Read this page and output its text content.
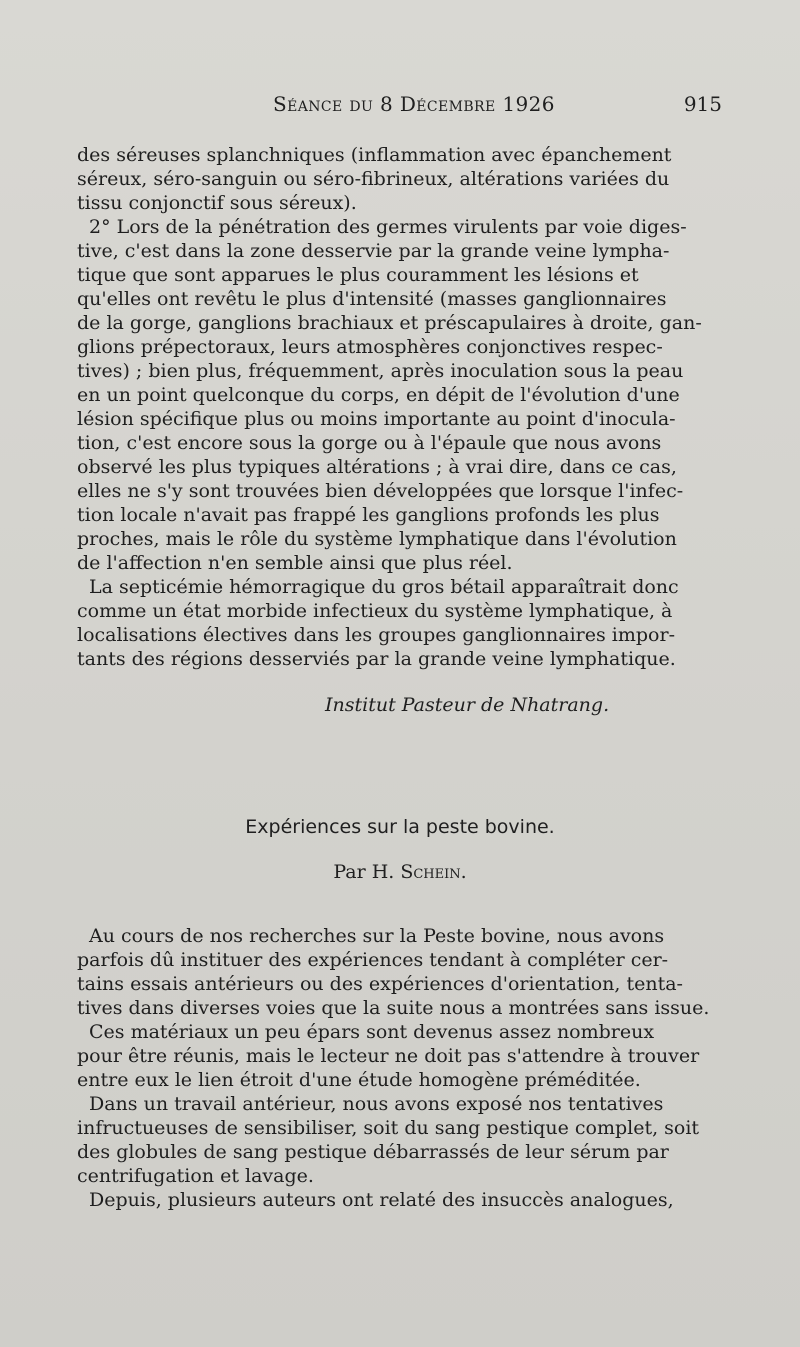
Séance du 8 Décembre 1926	915
des séreuses splanchniques (inflammation avec épanchement
séreux, séro-sanguin ou séro-fibrineux, altérations variées du
tissu conjonctif sous séreux).
2° Lors de la pénétration des germes virulents par voie diges-
tive, c'est dans la zone desservie par la grande veine lympha-
tique que sont apparues le plus couramment les lésions et
qu'elles ont revêtu le plus d'intensité (masses ganglionnaires
de la gorge, ganglions brachiaux et préscapulaires à droite, gan-
glions prépectoraux, leurs atmosphères conjonctives respec-
tives) ; bien plus, fréquemment, après inoculation sous la peau
en un point quelconque du corps, en dépit de l'évolution d'une
lésion spécifique plus ou moins importante au point d'inocula-
tion, c'est encore sous la gorge ou à l'épaule que nous avons
observé les plus typiques altérations ; à vrai dire, dans ce cas,
elles ne s'y sont trouvées bien développées que lorsque l'infec-
tion locale n'avait pas frappé les ganglions profonds les plus
proches, mais le rôle du système lymphatique dans l'évolution
de l'affection n'en semble ainsi que plus réel.
La septicémie hémorragique du gros bétail apparaîtrait donc
comme un état morbide infectieux du système lymphatique, à
localisations électives dans les groupes ganglionnaires impor-
tants des régions desserviés par la grande veine lymphatique.
Institut Pasteur de Nhatrang.
Expériences sur la peste bovine.
Par H. Schein.
Au cours de nos recherches sur la Peste bovine, nous avons
parfois dû instituer des expériences tendant à compléter cer-
tains essais antérieurs ou des expériences d'orientation, tenta-
tives dans diverses voies que la suite nous a montrées sans issue.
Ces matériaux un peu épars sont devenus assez nombreux
pour être réunis, mais le lecteur ne doit pas s'attendre à trouver
entre eux le lien étroit d'une étude homogène préméditée.
Dans un travail antérieur, nous avons exposé nos tentatives
infructueuses de sensibiliser, soit du sang pestique complet, soit
des globules de sang pestique débarrassés de leur sérum par
centrifugation et lavage.
Depuis, plusieurs auteurs ont relaté des insuccès analogues,
